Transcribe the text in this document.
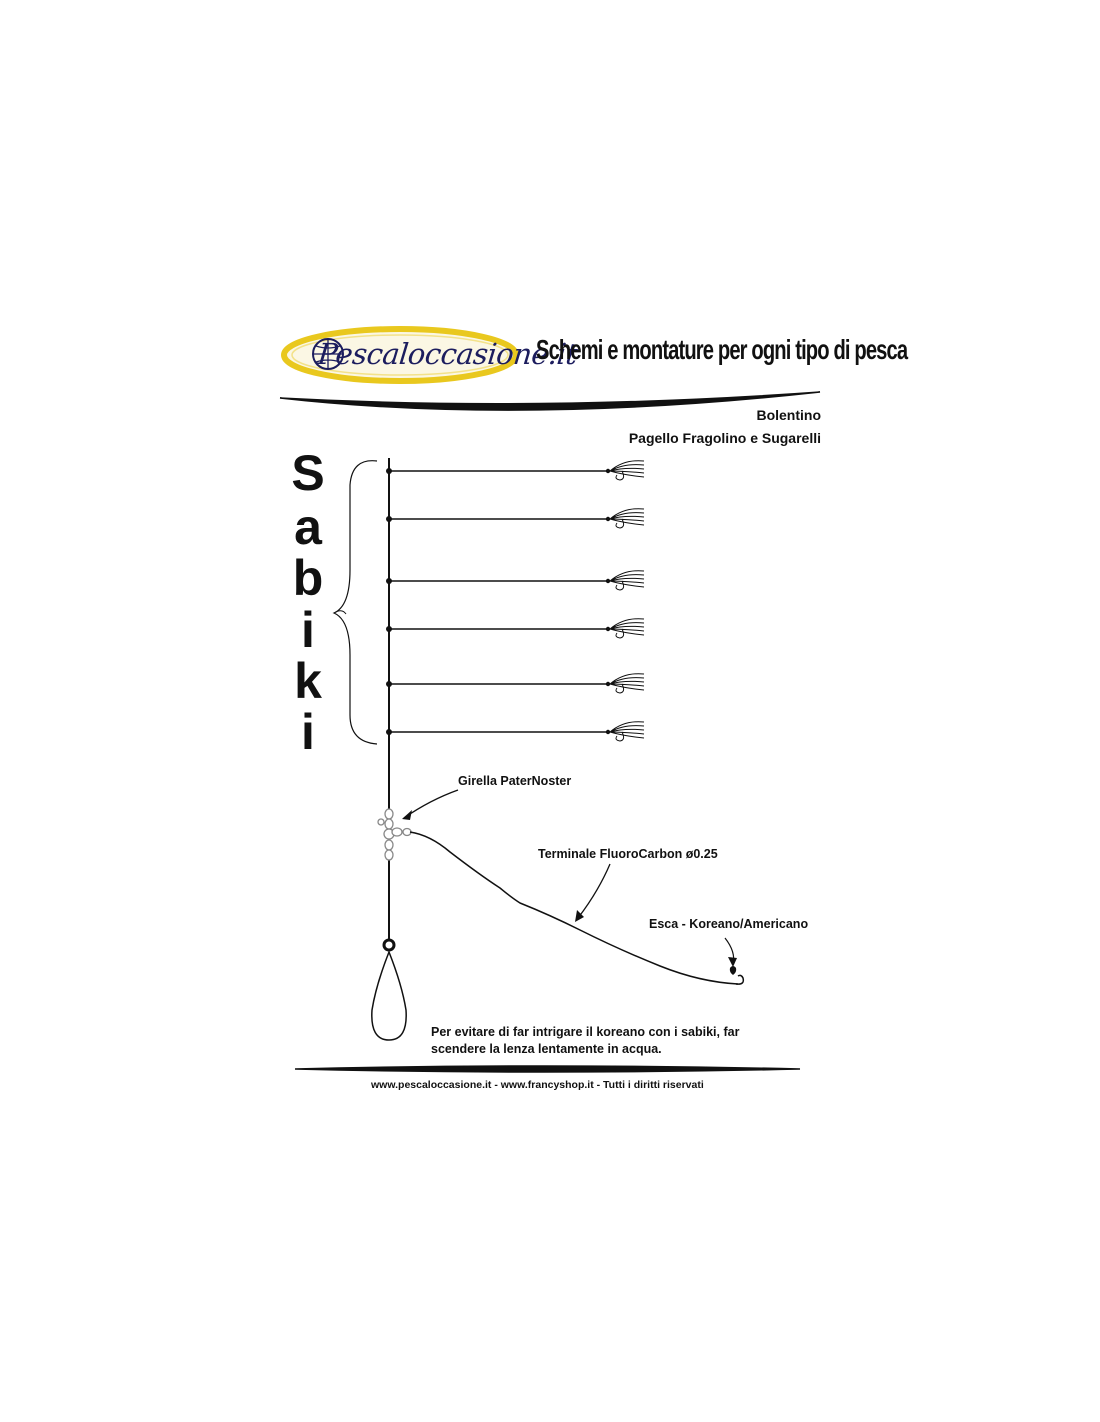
Pescaloccasione.it
Schemi e montature per ogni tipo di pesca
Bolentino
Pagello Fragolino e Sugarelli
S
a
b
i
k
i
Girella PaterNoster
Terminale FluoroCarbon ø0.25
Esca - Koreano/Americano
Per evitare di far intrigare il koreano con i sabiki, far scendere la lenza lentamente in acqua.
www.pescaloccasione.it - www.francyshop.it - Tutti i diritti riservati
